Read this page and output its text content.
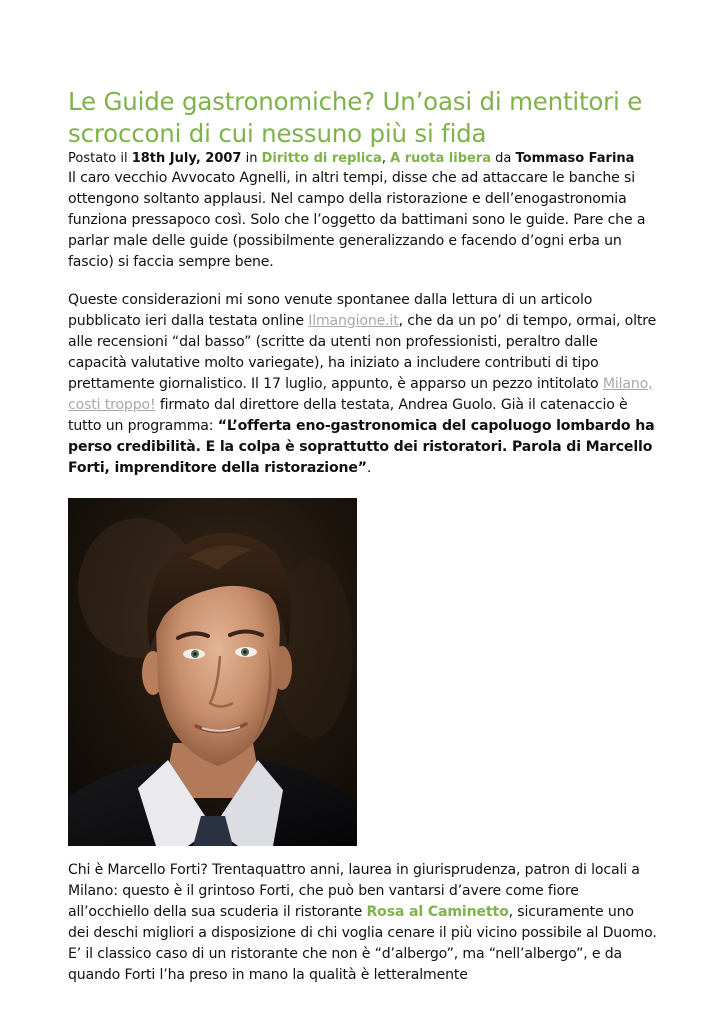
Le Guide gastronomiche? Un’oasi di mentitori e scrocconi di cui nessuno più si fida

Postato il 18th July, 2007 in Diritto di replica, A ruota libera da Tommaso Farina

Il caro vecchio Avvocato Agnelli, in altri tempi, disse che ad attaccare le banche si ottengono soltanto applausi. Nel campo della ristorazione e dell’enogastronomia funziona pressapoco così. Solo che l’oggetto da battimani sono le guide. Pare che a parlar male delle guide (possibilmente generalizzando e facendo d’ogni erba un fascio) si faccia sempre bene.

Queste considerazioni mi sono venute spontanee dalla lettura di un articolo pubblicato ieri dalla testata online Ilmangione.it, che da un po’ di tempo, ormai, oltre alle recensioni “dal basso” (scritte da utenti non professionisti, peraltro dalle capacità valutative molto variegate), ha iniziato a includere contributi di tipo prettamente giornalistico. Il 17 luglio, appunto, è apparso un pezzo intitolato Milano, costi troppo! firmato dal direttore della testata, Andrea Guolo. Già il catenaccio è tutto un programma: “L’offerta eno-gastronomica del capoluogo lombardo ha perso credibilità. E la colpa è soprattutto dei ristoratori. Parola di Marcello Forti, imprenditore della ristorazione”.

Chi è Marcello Forti? Trentaquattro anni, laurea in giurisprudenza, patron di locali a Milano: questo è il grintoso Forti, che può ben vantarsi d’avere come fiore all’occhiello della sua scuderia il ristorante Rosa al Caminetto, sicuramente uno dei deschi migliori a disposizione di chi voglia cenare il più vicino possibile al Duomo. E’ il classico caso di un ristorante che non è “d’albergo”, ma “nell’albergo”, e da quando Forti l’ha preso in mano la qualità è letteralmente
